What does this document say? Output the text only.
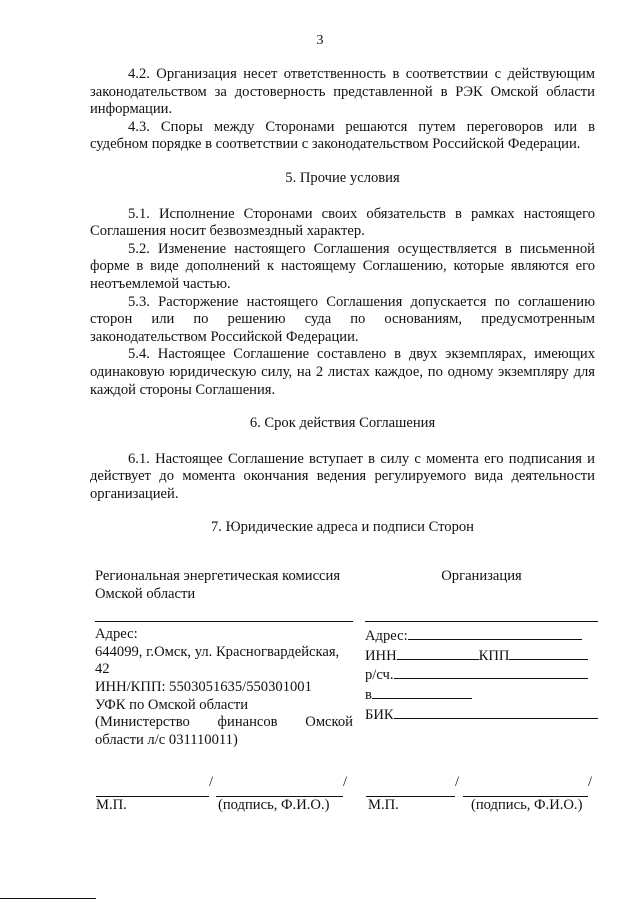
3

4.2. Организация несет ответственность в соответствии с действующим законодательством за достоверность представленной в РЭК Омской области информации.

4.3. Споры между Сторонами решаются путем переговоров или в судебном порядке в соответствии с законодательством Российской Федерации.

5. Прочие условия

5.1. Исполнение Сторонами своих обязательств в рамках настоящего Соглашения носит безвозмездный характер.

5.2. Изменение настоящего Соглашения осуществляется в письменной форме в виде дополнений к настоящему Соглашению, которые являются его неотъемлемой частью.

5.3. Расторжение настоящего Соглашения допускается по соглашению сторон или по решению суда по основаниям, предусмотренным законодательством Российской Федерации.

5.4. Настоящее Соглашение составлено в двух экземплярах, имеющих одинаковую юридическую силу, на 2 листах каждое, по одному экземпляру для каждой стороны Соглашения.

6. Срок действия Соглашения

6.1. Настоящее Соглашение вступает в силу с момента его подписания и действует до момента окончания ведения регулируемого вида деятельности организацией.

7. Юридические адреса и подписи Сторон
Региональная энергетическая комиссия
Омской области
Адрес:
644099, г.Омск, ул. Красногвардейская,
42
ИНН/КПП: 5503051635/550301001
УФК по Омской области
(Министерство финансов Омской
области л/с 031110011)
Организация
Адрес:
ИНН	КПП
р/сч.
в
БИК
/	/	/	/
М.П.	(подпись, Ф.И.О.)	М.П.	(подпись, Ф.И.О.)
